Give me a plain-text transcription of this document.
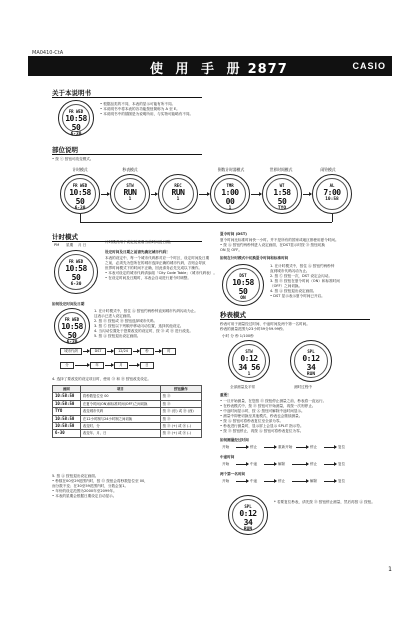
MA0410-CtA
使 用 手 册 2877	CASIO
关于本说明书
FR WED
10:58 50
6-30
• 根据品类的不同，本表的显示可能有所不同。
• 本说明书中将本表的各功能按钮简称为 A 至 E。
• 本说明书中的插图是为说明所用，与实物可能略有不同。
部位说明
• 按 ⓒ 按钮可改变模式。
计时模式	秒表模式	倒数计时器模式	世界时间模式	闹铃模式
FR WED
10:58 50
6-30
STW
RUN
1
REC
RUN
1
TMR
1:00 00
1
WT
1:58 50
TYO
AL
7:00
10:58
计时模式
PM 星期 月 日
FR WED
10:58 50
6-30
计时模式用于设定及查看当前时间及日期。
设定时间及日期之前请先确定城市代码！
本表的设定中，每一个城市代码都对应一个时区，设定时间及日期
之前，必须先为您所在的城市选择正确的城市代码，否则会导致
世界时间模式下的时间不正确，因此请务必先完成以下操作。
• 本表可设定的城市代码请参阅「City Code Table」（城市代码表）。
• 在设定时间及日期时，本表会自动进行夏令时调整。
如何设定时间及日期
FR WED
10:58 50
6-30
1. 在计时模式中，按住 Ⓐ 按钮约两秒钟直到城市代码闪动为止。
这表示已进入设定画面。
2. 按 Ⓓ 按钮或 Ⓑ 按钮选择城市代码。
3. 按 Ⓒ 按钮以下列顺序移动闪动位置，选择其他设定。
4. 当闪动位置处于您要改变的设定时，按 Ⓓ 或 Ⓑ 进行改变。
5. 按 Ⓐ 按钮退出设定画面。
城市代码	DST	12/24	秒	时
分	年	月	日
4. 选择了要改变的设定项目时，使用 Ⓓ 和 Ⓑ 按钮改变设定。
画面	项目	按钮操作
10:58:50	将秒数复位至 00	按 Ⓓ
10:58:50	在夏令时间(ON)和标准时间(OFF)之间切换	按 Ⓓ
TYO	改变城市代码	按 Ⓓ (东) 或 Ⓑ (西)
10:58:50	在12小时制与24小时制之间切换	按 Ⓓ
10:58:50	改变时、分	按 Ⓓ (+) 或 Ⓑ (-)
6-30	改变年、月、日	按 Ⓓ (+) 或 Ⓑ (-)
5. 按 Ⓐ 按钮退出设定画面。
• 秒数在00至29范围内时，按 Ⓓ 按钮会将秒数复位至 00，
而分数不变；在30至59范围内时，分数会加1。
• 年份的设定范围为2000年至2099年。
• 本表的星期会根据日期设定自动显示。
夏令时间 (DST)
夏令时间比标准时间快一小时。并不是所有的国家或地区都使用夏令时间。
• 按 Ⓐ 按钮约两秒钟进入设定画面，在DST显示时按 Ⓓ 按钮切换
ON 及 OFF。
如何在计时模式中切换夏令时间和标准时间
DST
10:58 50
ON
1. 在计时模式中，按住 Ⓐ 按钮约两秒钟
直到城市代码闪动为止。
2. 按 Ⓒ 按钮一次，DST 设定会闪动。
3. 按 Ⓓ 按钮在夏令时间（ON）和标准时间
（OFF）之间切换。
4. 按 Ⓐ 按钮退出设定画面。
• DST 显示表示夏令时间已开启。
秒表模式
秒表可用于测量经过时间、中途时间及两个第一名时间。
秒表的测量范围为23小时59分59.99秒。
小时 分 秒 1/100秒
STW
0:12 34 56
1
SPL
0:12 34
RUN
全部测量及平常	测时过程中
重要！
• 一旦开始测量，在您按 Ⓓ 按钮停止测量之前，秒表将一直运行。
• 在秒表模式中，按 Ⓓ 按钮可开始测量，再按一次则停止。
• 中途时间显示时，按 Ⓐ 按钮可解除中途时间显示。
• 测量中即使切换至其他模式，秒表也会继续测量。
• 按 Ⓐ 按钮可将秒表复位至全部为零。
• 秒表进行测量时，显示屏上会显示 SPLIT 指示符。
• 按 Ⓓ 按钮停止，再按 Ⓐ 按钮可将秒表复位为零。
如何测量经过时间
开始	停止	重新开始	停止	复位
中途时间
开始	中途	解除	停止	复位
两个第一名时间
开始	中途	停止	解除	复位
SPL
0:12 34
RUN
* 若要复位秒表，请先按 Ⓓ 按钮停止测量，然后再按 Ⓐ 按钮。
1
